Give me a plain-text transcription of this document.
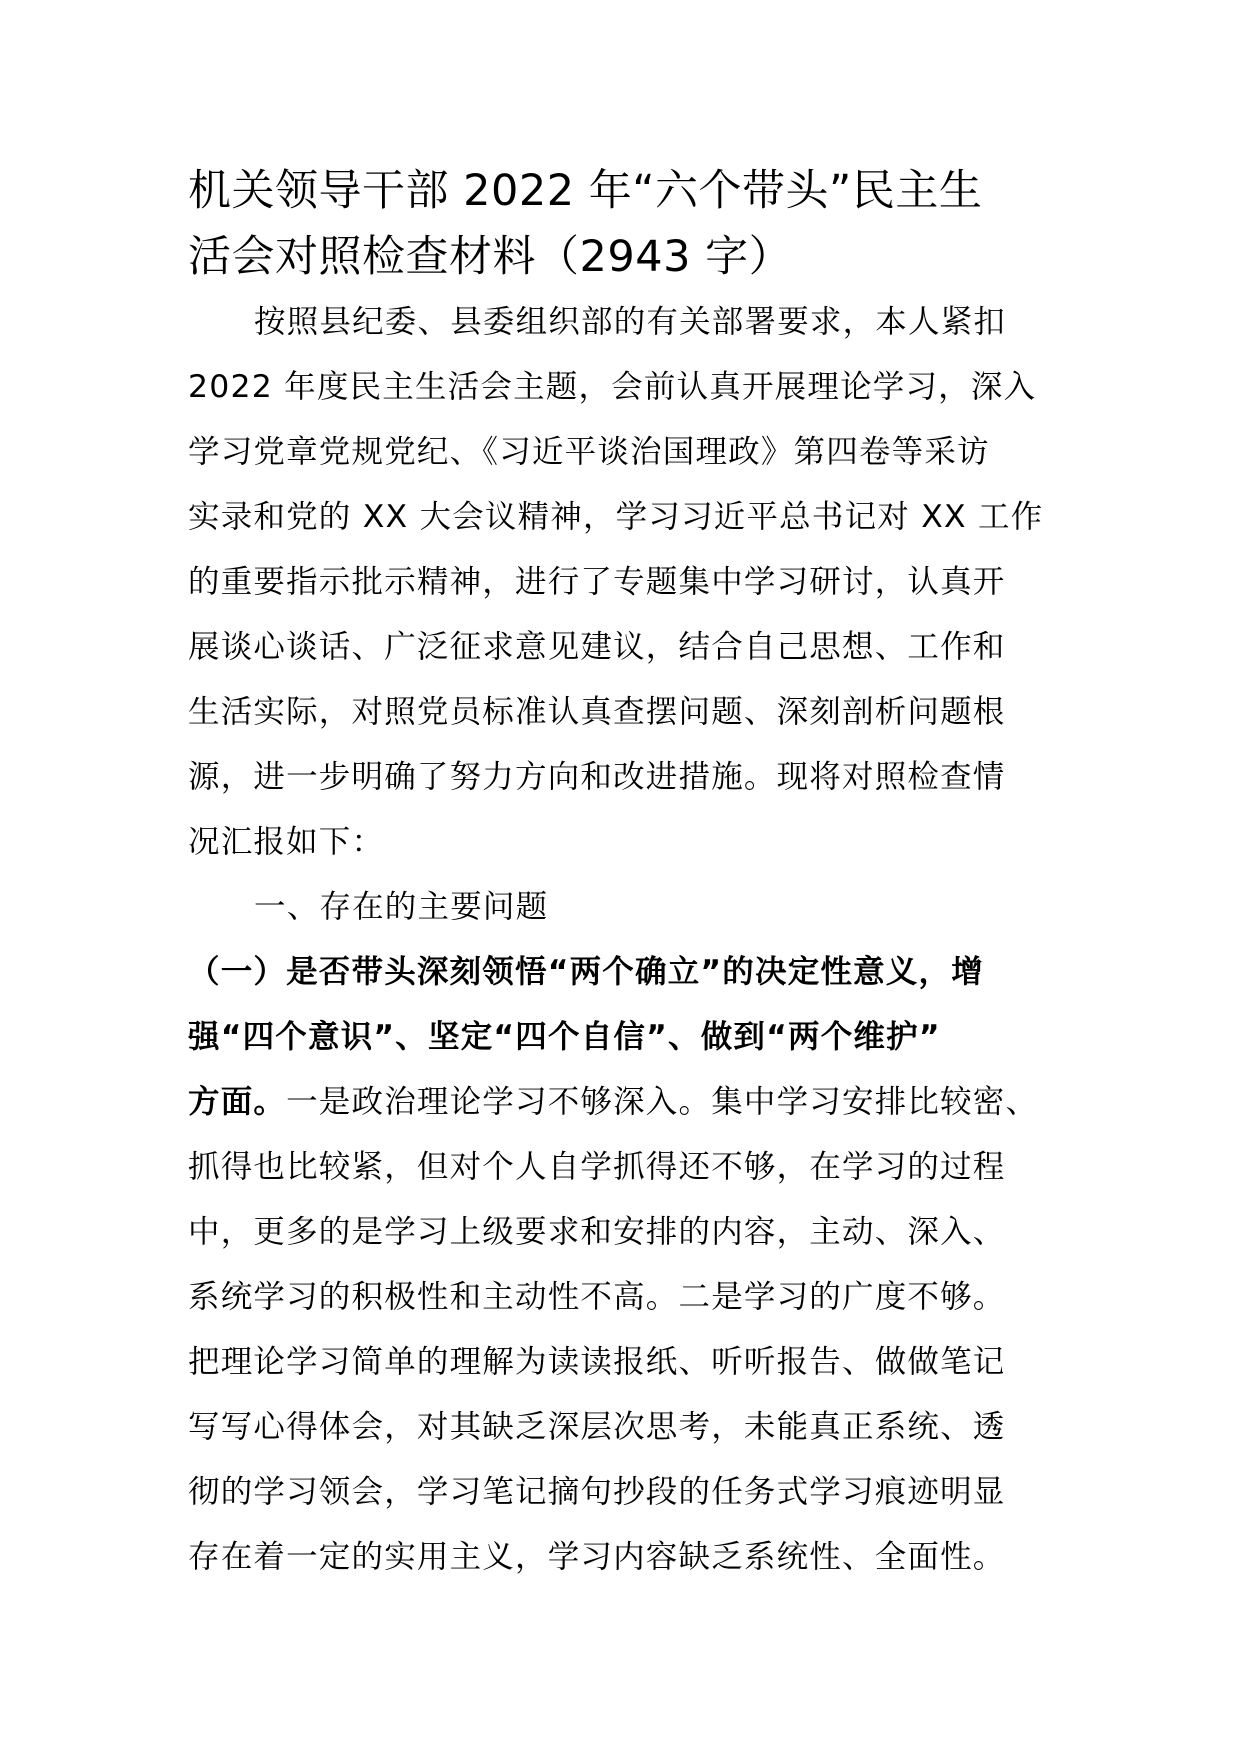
机关领导干部 2022 年“六个带头”民主生
活会对照检查材料（2943 字）
按照县纪委、县委组织部的有关部署要求，本人紧扣
2022 年度民主生活会主题，会前认真开展理论学习，深入
学习党章党规党纪、《习近平谈治国理政》第四卷等采访
实录和党的 XX 大会议精神，学习习近平总书记对 XX 工作
的重要指示批示精神，进行了专题集中学习研讨，认真开
展谈心谈话、广泛征求意见建议，结合自己思想、工作和
生活实际，对照党员标准认真查摆问题、深刻剖析问题根
源，进一步明确了努力方向和改进措施。现将对照检查情
况汇报如下：
一、存在的主要问题
（一）是否带头深刻领悟“两个确立”的决定性意义，增
强“四个意识”、坚定“四个自信”、做到“两个维护”
方面。一是政治理论学习不够深入。集中学习安排比较密、
抓得也比较紧，但对个人自学抓得还不够，在学习的过程
中，更多的是学习上级要求和安排的内容，主动、深入、
系统学习的积极性和主动性不高。二是学习的广度不够。
把理论学习简单的理解为读读报纸、听听报告、做做笔记
写写心得体会，对其缺乏深层次思考，未能真正系统、透
彻的学习领会，学习笔记摘句抄段的任务式学习痕迹明显
存在着一定的实用主义，学习内容缺乏系统性、全面性。
